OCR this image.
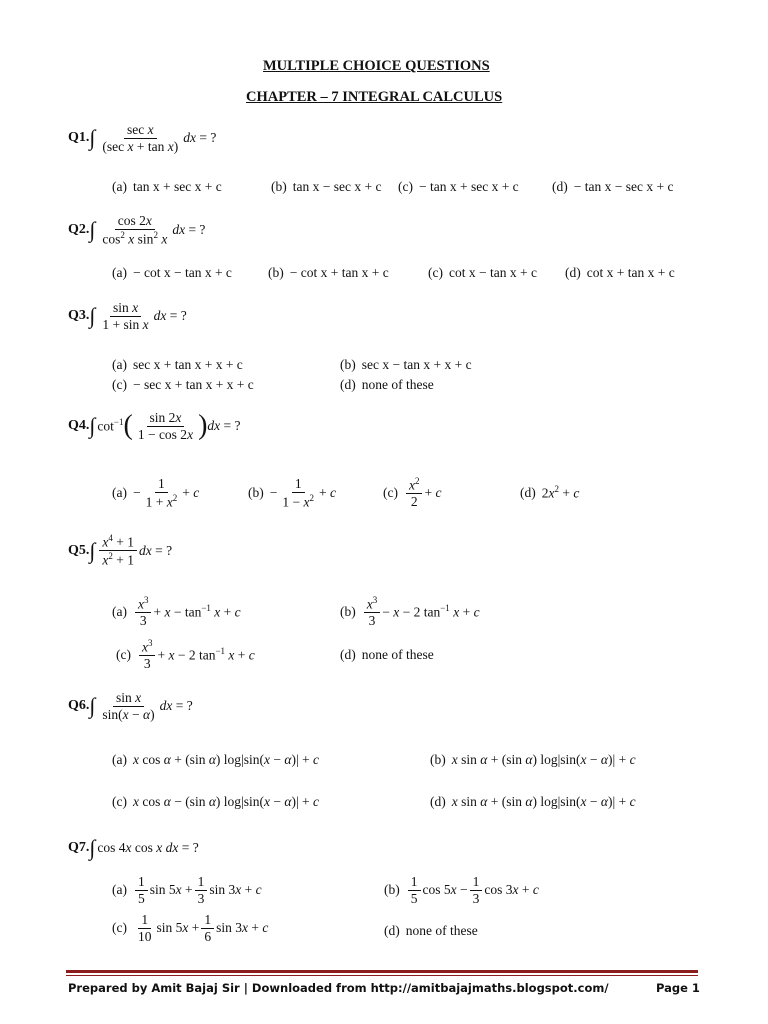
MULTIPLE CHOICE QUESTIONS
CHAPTER – 7 INTEGRAL CALCULUS
Q1. ∫ $\frac{\text{sec x}}{\text{(sec x + tan x)}}$ dx = ?
(a) tan x + sec x + c	(b) tan x − sec x + c (c) − tan x + sec x + c (d) − tan x − sec x + c
Q2. ∫ $\frac{\cos 2x}{\cos^2 x \sin^2 x}$ dx = ?
(a) − cot x − tan x + c	(b) − cot x + tan x + c	(c) cot x − tan x + c (d) cot x + tan x + c
Q3. ∫ $\frac{\text{sin x}}{\text{1 + sin x}}$ dx = ?
(a) sec x + tan x + x + c	(b) sec x − tan x + x + c
(c) − sec x + tan x + x + c	(d) none of these
Q4. ∫ $\cot^{-1}$ ( $\frac{\sin 2x}{1 - \cos 2x}$ ) dx = ?
$(a) - \frac{1}{1 + x^2} + c$	$(b) - \frac{1}{1 - x^2} + c$	$(c) \frac{x^2}{2} + c$	(d) $2x^2 + c$
Q5. ∫ $\frac{x^4 + 1}{x^2 + 1}$ dx = ?
$(a) \frac{x^3}{3} + x - \tan^{-1} x + c$	$(b) \frac{x^3}{3} - x - 2$ $\tan^{-1} x + c$
$(c) \frac{x^3}{3} + x - 2$ $\tan^{-1} x + c$	(d) none of these
Q6. ∫ $\frac{\text{sin x}}{\sin(x - \alpha)}$ dx = ?
(a) x cos α + (sin α) log|sin(x − α)| + c	(b) x sin α + (sin α) log|sin(x − α)| + c
(c) x cos α − (sin α) log|sin(x − α)| + c	(d) x sin α + (sin α) log|sin(x − α)| + c
Q7. ∫ cos 4x cos x dx = ?
$(a) \frac{1}{5}$ $\sin 5x + \frac{1}{3}$ sin 3x + c	$(b) \frac{1}{5}$ $\cos 5x - \frac{1}{3}$ cos 3x + c
$(c) \frac{1}{10}$ $\sin 5x + \frac{1}{6}$ sin 3x + c	(d) none of these
Prepared by Amit Bajaj Sir | Downloaded from http://amitbajajmaths.blogspot.com/	Page 1
